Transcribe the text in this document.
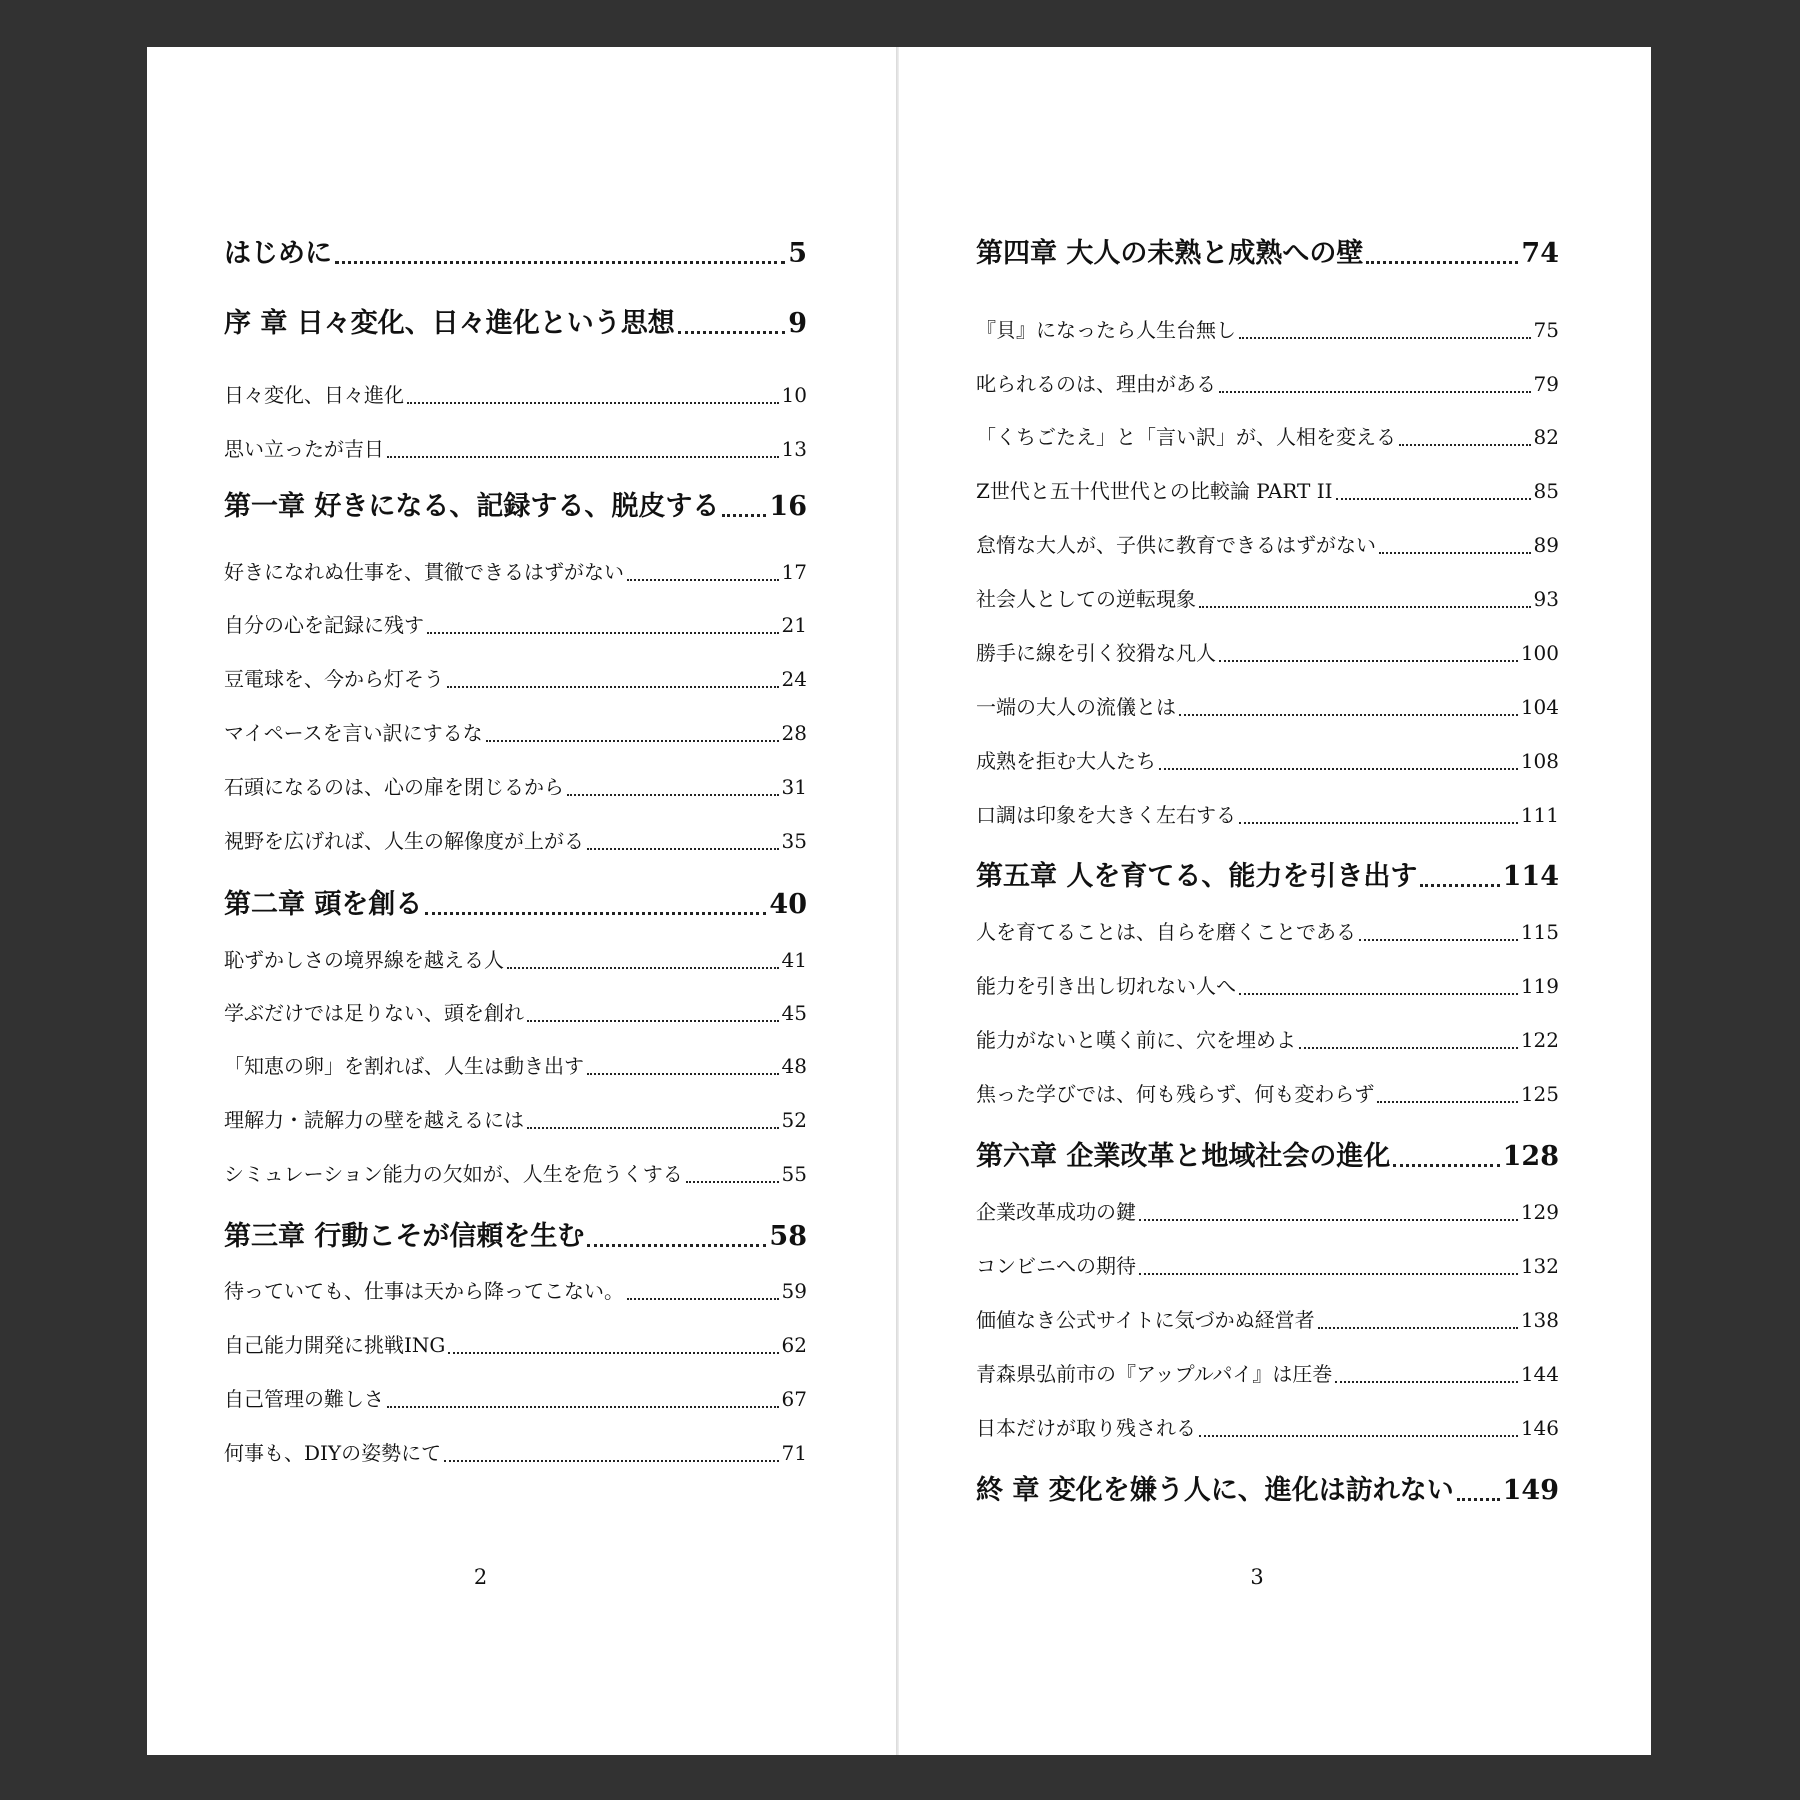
はじめに	5
序 章 日々変化、日々進化という思想	9
日々変化、日々進化	10
思い立ったが吉日	13
第一章 好きになる、記録する、脱皮する 16
好きになれぬ仕事を、貫徹できるはずがない	17
自分の心を記録に残す	21
豆電球を、今から灯そう	24
マイペースを言い訳にするな	28
石頭になるのは、心の扉を閉じるから	31
視野を広げれば、人生の解像度が上がる	35
第二章 頭を創る	40
恥ずかしさの境界線を越える人	41
学ぶだけでは足りない、頭を創れ	45
「知恵の卵」を割れば、人生は動き出す	48
理解力・読解力の壁を越えるには	52
シミュレーション能力の欠如が、人生を危うくする	55
第三章 行動こそが信頼を生む	58
待っていても、仕事は天から降ってこない。	59
自己能力開発に挑戦ING	62
自己管理の難しさ	67
何事も、DIYの姿勢にて	71
2
第四章 大人の未熟と成熟への壁	74
『貝』になったら人生台無し	75
叱られるのは、理由がある	79
「くちごたえ」と「言い訳」が、人相を変える	82
Z世代と五十代世代との比較論 PART II	85
怠惰な大人が、子供に教育できるはずがない	89
社会人としての逆転現象	93
勝手に線を引く狡猾な凡人	100
一端の大人の流儀とは	104
成熟を拒む大人たち	108
口調は印象を大きく左右する	111
第五章 人を育てる、能力を引き出す	114
人を育てることは、自らを磨くことである	115
能力を引き出し切れない人へ	119
能力がないと嘆く前に、穴を埋めよ	122
焦った学びでは、何も残らず、何も変わらず	125
第六章 企業改革と地域社会の進化	128
企業改革成功の鍵	129
コンビニへの期待	132
価値なき公式サイトに気づかぬ経営者	138
青森県弘前市の『アップルパイ』は圧巻	144
日本だけが取り残される	146
終 章 変化を嫌う人に、進化は訪れない 149
3
